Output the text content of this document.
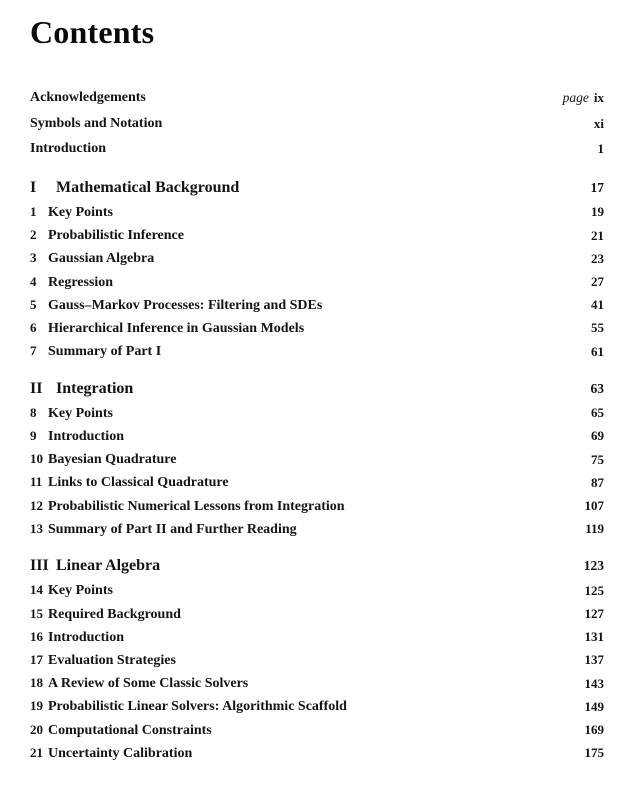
Contents
Acknowledgements	page ix
Symbols and Notation	xi
Introduction	1
I	Mathematical Background	17
1 Key Points	19
2 Probabilistic Inference	21
3 Gaussian Algebra	23
4 Regression	27
5 Gauss–Markov Processes: Filtering and SDEs	41
6 Hierarchical Inference in Gaussian Models	55
7 Summary of Part I	61
II Integration	63
8 Key Points	65
9 Introduction	69
10 Bayesian Quadrature	75
11 Links to Classical Quadrature	87
12 Probabilistic Numerical Lessons from Integration	107
13 Summary of Part II and Further Reading	119
III Linear Algebra	123
14 Key Points	125
15 Required Background	127
16 Introduction	131
17 Evaluation Strategies	137
18 A Review of Some Classic Solvers	143
19 Probabilistic Linear Solvers: Algorithmic Scaffold	149
20 Computational Constraints	169
21 Uncertainty Calibration	175
